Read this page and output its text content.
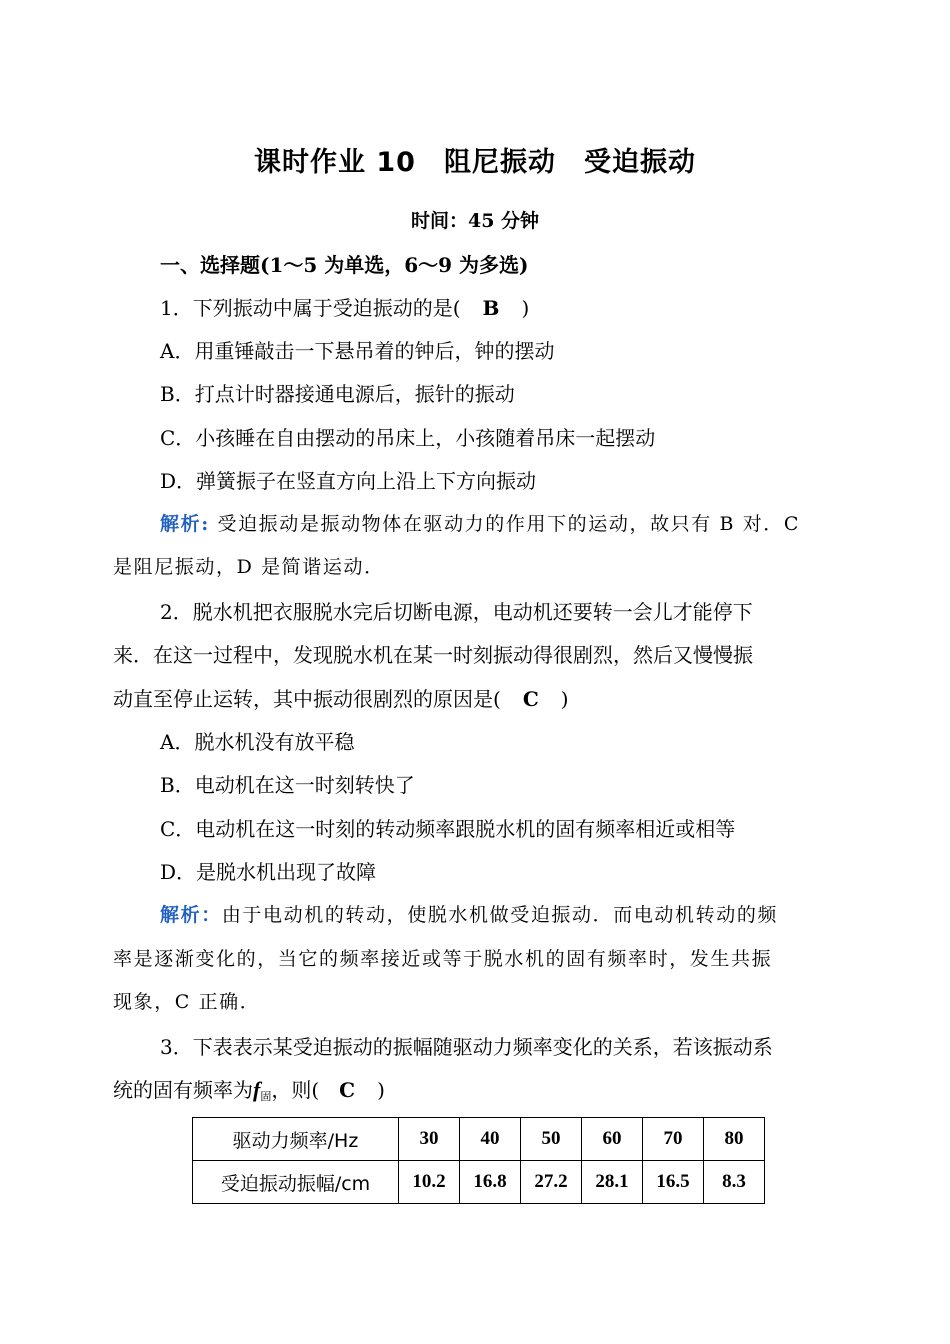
课时作业 10　阻尼振动　受迫振动
时间：45 分钟
一、选择题(1～5 为单选，6～9 为多选)
1．下列振动中属于受迫振动的是( B )
A．用重锤敲击一下悬吊着的钟后，钟的摆动
B．打点计时器接通电源后，振针的振动
C．小孩睡在自由摆动的吊床上，小孩随着吊床一起摆动
D．弹簧振子在竖直方向上沿上下方向振动
解析: 受迫振动是振动物体在驱动力的作用下的运动，故只有 B 对．C
是阻尼振动，D 是简谐运动．
2．脱水机把衣服脱水完后切断电源，电动机还要转一会儿才能停下
来．在这一过程中，发现脱水机在某一时刻振动得很剧烈，然后又慢慢振
动直至停止运转，其中振动很剧烈的原因是( C )
A．脱水机没有放平稳
B．电动机在这一时刻转快了
C．电动机在这一时刻的转动频率跟脱水机的固有频率相近或相等
D．是脱水机出现了故障
解析：由于电动机的转动，使脱水机做受迫振动．而电动机转动的频
率是逐渐变化的，当它的频率接近或等于脱水机的固有频率时，发生共振
现象，C 正确．
3．下表表示某受迫振动的振幅随驱动力频率变化的关系，若该振动系
统的固有频率为$f_固$，则( C )
驱动力频率/Hz	30	40	50	60	70	80
受迫振动振幅/cm	10.2	16.8	27.2	28.1	16.5	8.3
